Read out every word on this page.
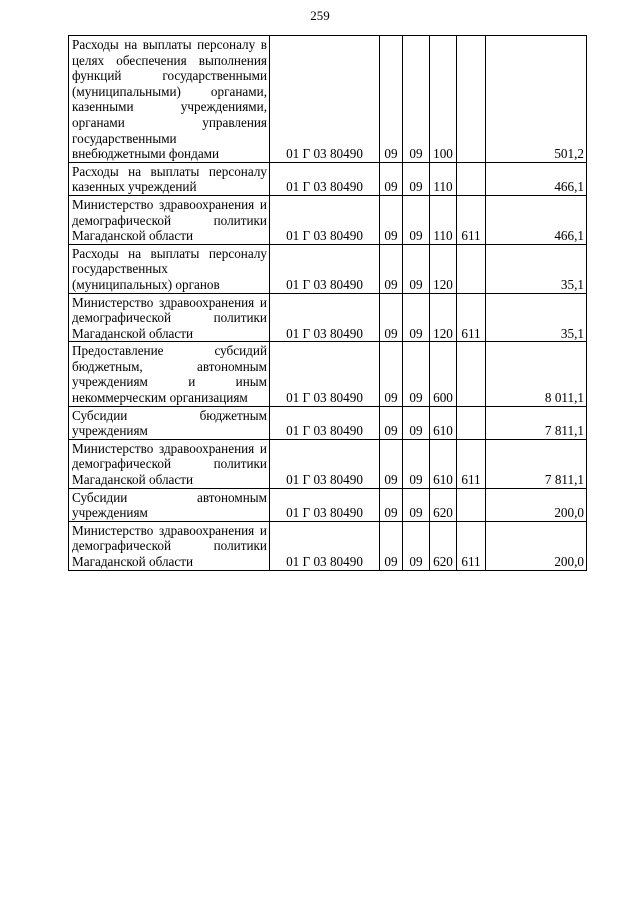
259
Расходы на выплаты персоналу в целях обеспечения выполнения функций государственными (муниципальными) органами, казенными учреждениями, органами управления государственными внебюджетными фондами	01 Г 03 80490	09	09	100		501,2
Расходы на выплаты персоналу казенных учреждений	01 Г 03 80490	09	09	110		466,1
Министерство здравоохранения и демографической политики Магаданской области	01 Г 03 80490	09	09	110	611	466,1
Расходы на выплаты персоналу государственных (муниципальных) органов	01 Г 03 80490	09	09	120		35,1
Министерство здравоохранения и демографической политики Магаданской области	01 Г 03 80490	09	09	120	611	35,1
Предоставление субсидий бюджетным, автономным учреждениям и иным некоммерческим организациям	01 Г 03 80490	09	09	600		8 011,1
Субсидии бюджетным учреждениям	01 Г 03 80490	09	09	610		7 811,1
Министерство здравоохранения и демографической политики Магаданской области	01 Г 03 80490	09	09	610	611	7 811,1
Субсидии автономным учреждениям	01 Г 03 80490	09	09	620		200,0
Министерство здравоохранения и демографической политики Магаданской области	01 Г 03 80490	09	09	620	611	200,0
